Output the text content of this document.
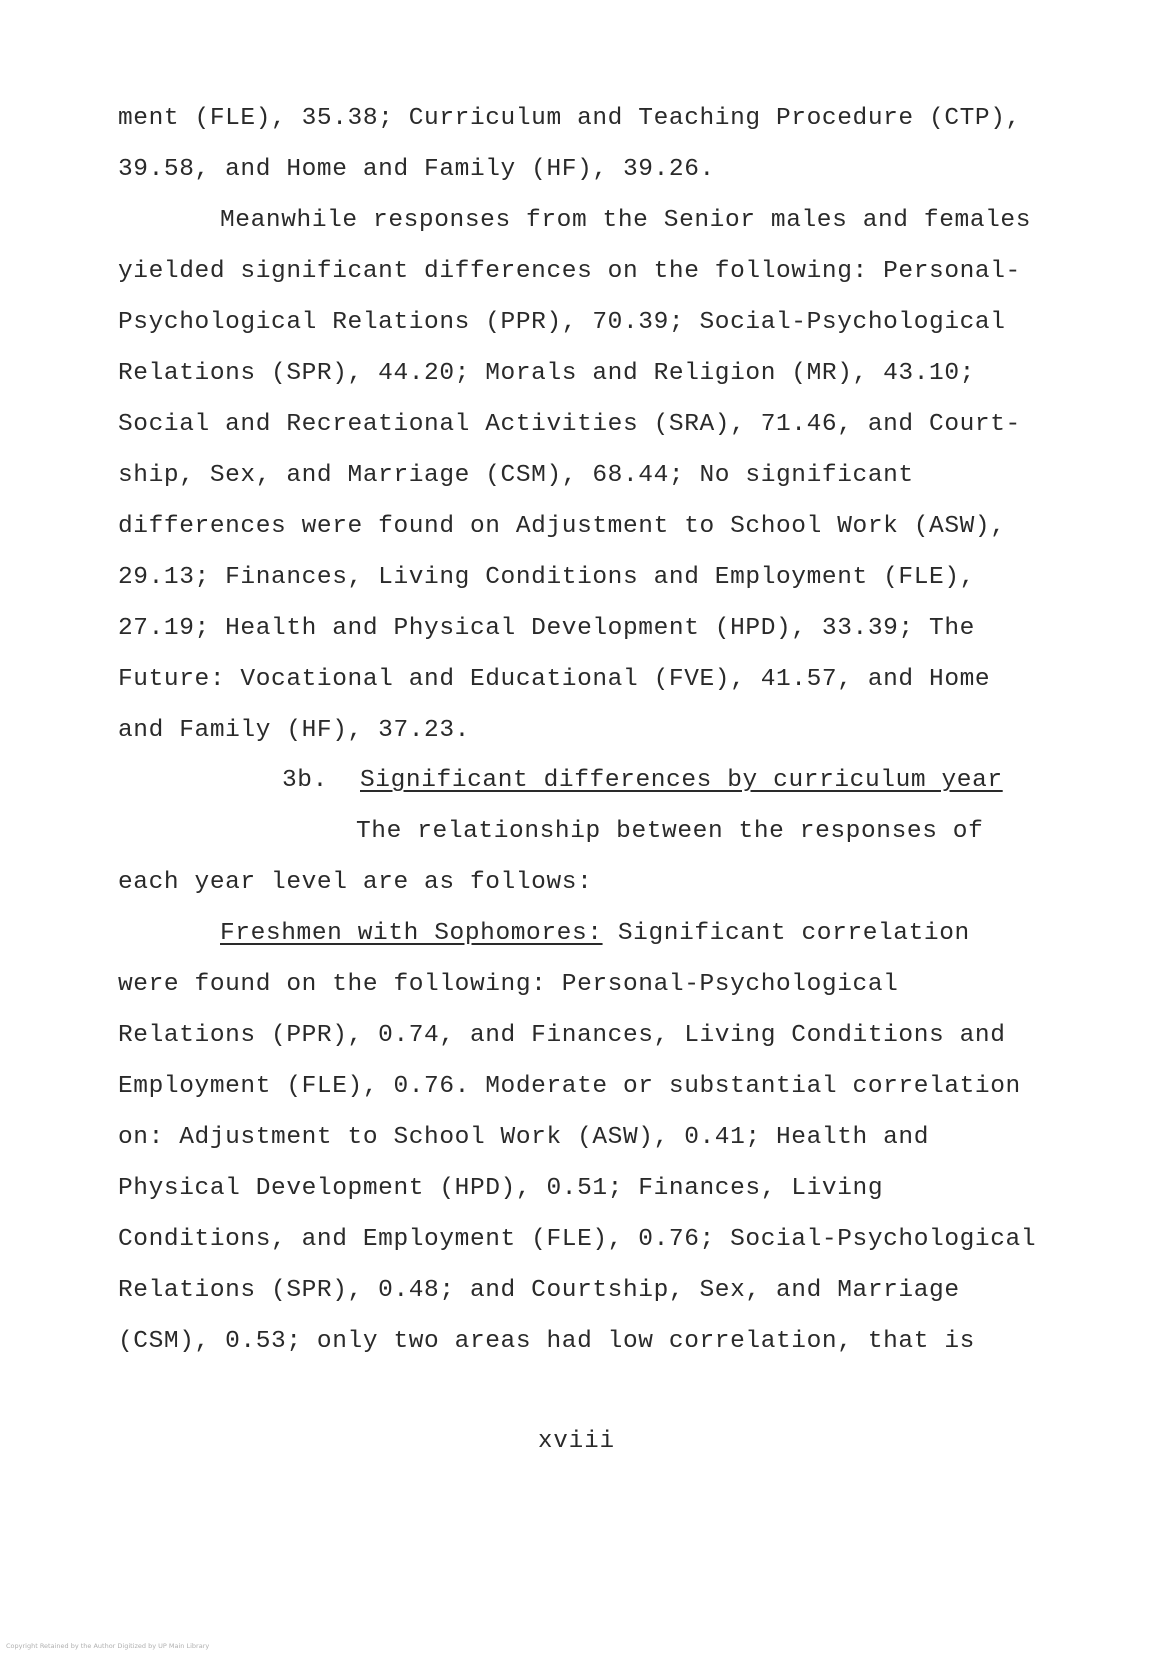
ment (FLE), 35.38; Curriculum and Teaching Procedure (CTP),
39.58, and Home and Family (HF), 39.26.
Meanwhile responses from the Senior males and females
yielded significant differences on the following: Personal-
Psychological Relations (PPR), 70.39; Social-Psychological
Relations (SPR), 44.20; Morals and Religion (MR), 43.10;
Social and Recreational Activities (SRA), 71.46, and Court-
ship, Sex, and Marriage (CSM), 68.44; No significant
differences were found on Adjustment to School Work (ASW),
29.13; Finances, Living Conditions and Employment (FLE),
27.19; Health and Physical Development (HPD), 33.39; The
Future: Vocational and Educational (FVE), 41.57, and Home
and Family (HF), 37.23.
3b. Significant differences by curriculum year
The relationship between the responses of
each year level are as follows:
Freshmen with Sophomores: Significant correlation
were found on the following: Personal-Psychological
Relations (PPR), 0.74, and Finances, Living Conditions and
Employment (FLE), 0.76. Moderate or substantial correlation
on: Adjustment to School Work (ASW), 0.41; Health and
Physical Development (HPD), 0.51; Finances, Living
Conditions, and Employment (FLE), 0.76; Social-Psychological
Relations (SPR), 0.48; and Courtship, Sex, and Marriage
(CSM), 0.53; only two areas had low correlation, that is
xviii
Copyright Retained by the Author Digitized by UP Main Library
